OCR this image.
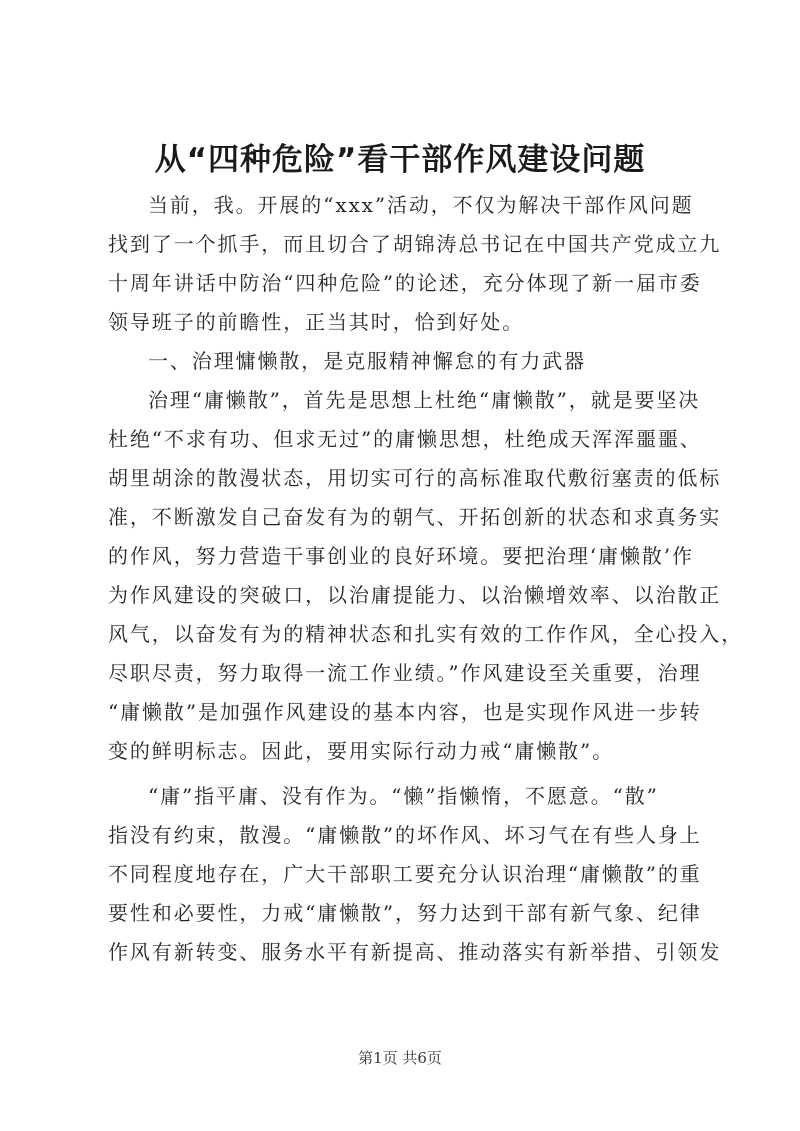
从“四种危险”看干部作风建设问题
当前，我。开展的“xxx”活动，不仅为解决干部作风问题
找到了一个抓手，而且切合了胡锦涛总书记在中国共产党成立九
十周年讲话中防治“四种危险”的论述，充分体现了新一届市委
领导班子的前瞻性，正当其时，恰到好处。
一、治理慵懒散，是克服精神懈怠的有力武器
治理“庸懒散”，首先是思想上杜绝“庸懒散”，就是要坚决
杜绝“不求有功、但求无过”的庸懒思想，杜绝成天浑浑噩噩、
胡里胡涂的散漫状态，用切实可行的高标准取代敷衍塞责的低标
准，不断激发自己奋发有为的朝气、开拓创新的状态和求真务实
的作风，努力营造干事创业的良好环境。要把治理‘庸懒散’作
为作风建设的突破口，以治庸提能力、以治懒增效率、以治散正
风气，以奋发有为的精神状态和扎实有效的工作作风，全心投入，
尽职尽责，努力取得一流工作业绩。”作风建设至关重要，治理
“庸懒散”是加强作风建设的基本内容，也是实现作风进一步转
变的鲜明标志。因此，要用实际行动力戒“庸懒散”。
“庸”指平庸、没有作为。“懒”指懒惰，不愿意。“散”
指没有约束，散漫。“庸懒散”的坏作风、坏习气在有些人身上
不同程度地存在，广大干部职工要充分认识治理“庸懒散”的重
要性和必要性，力戒“庸懒散”，努力达到干部有新气象、纪律
作风有新转变、服务水平有新提高、推动落实有新举措、引领发
第1页 共6页
